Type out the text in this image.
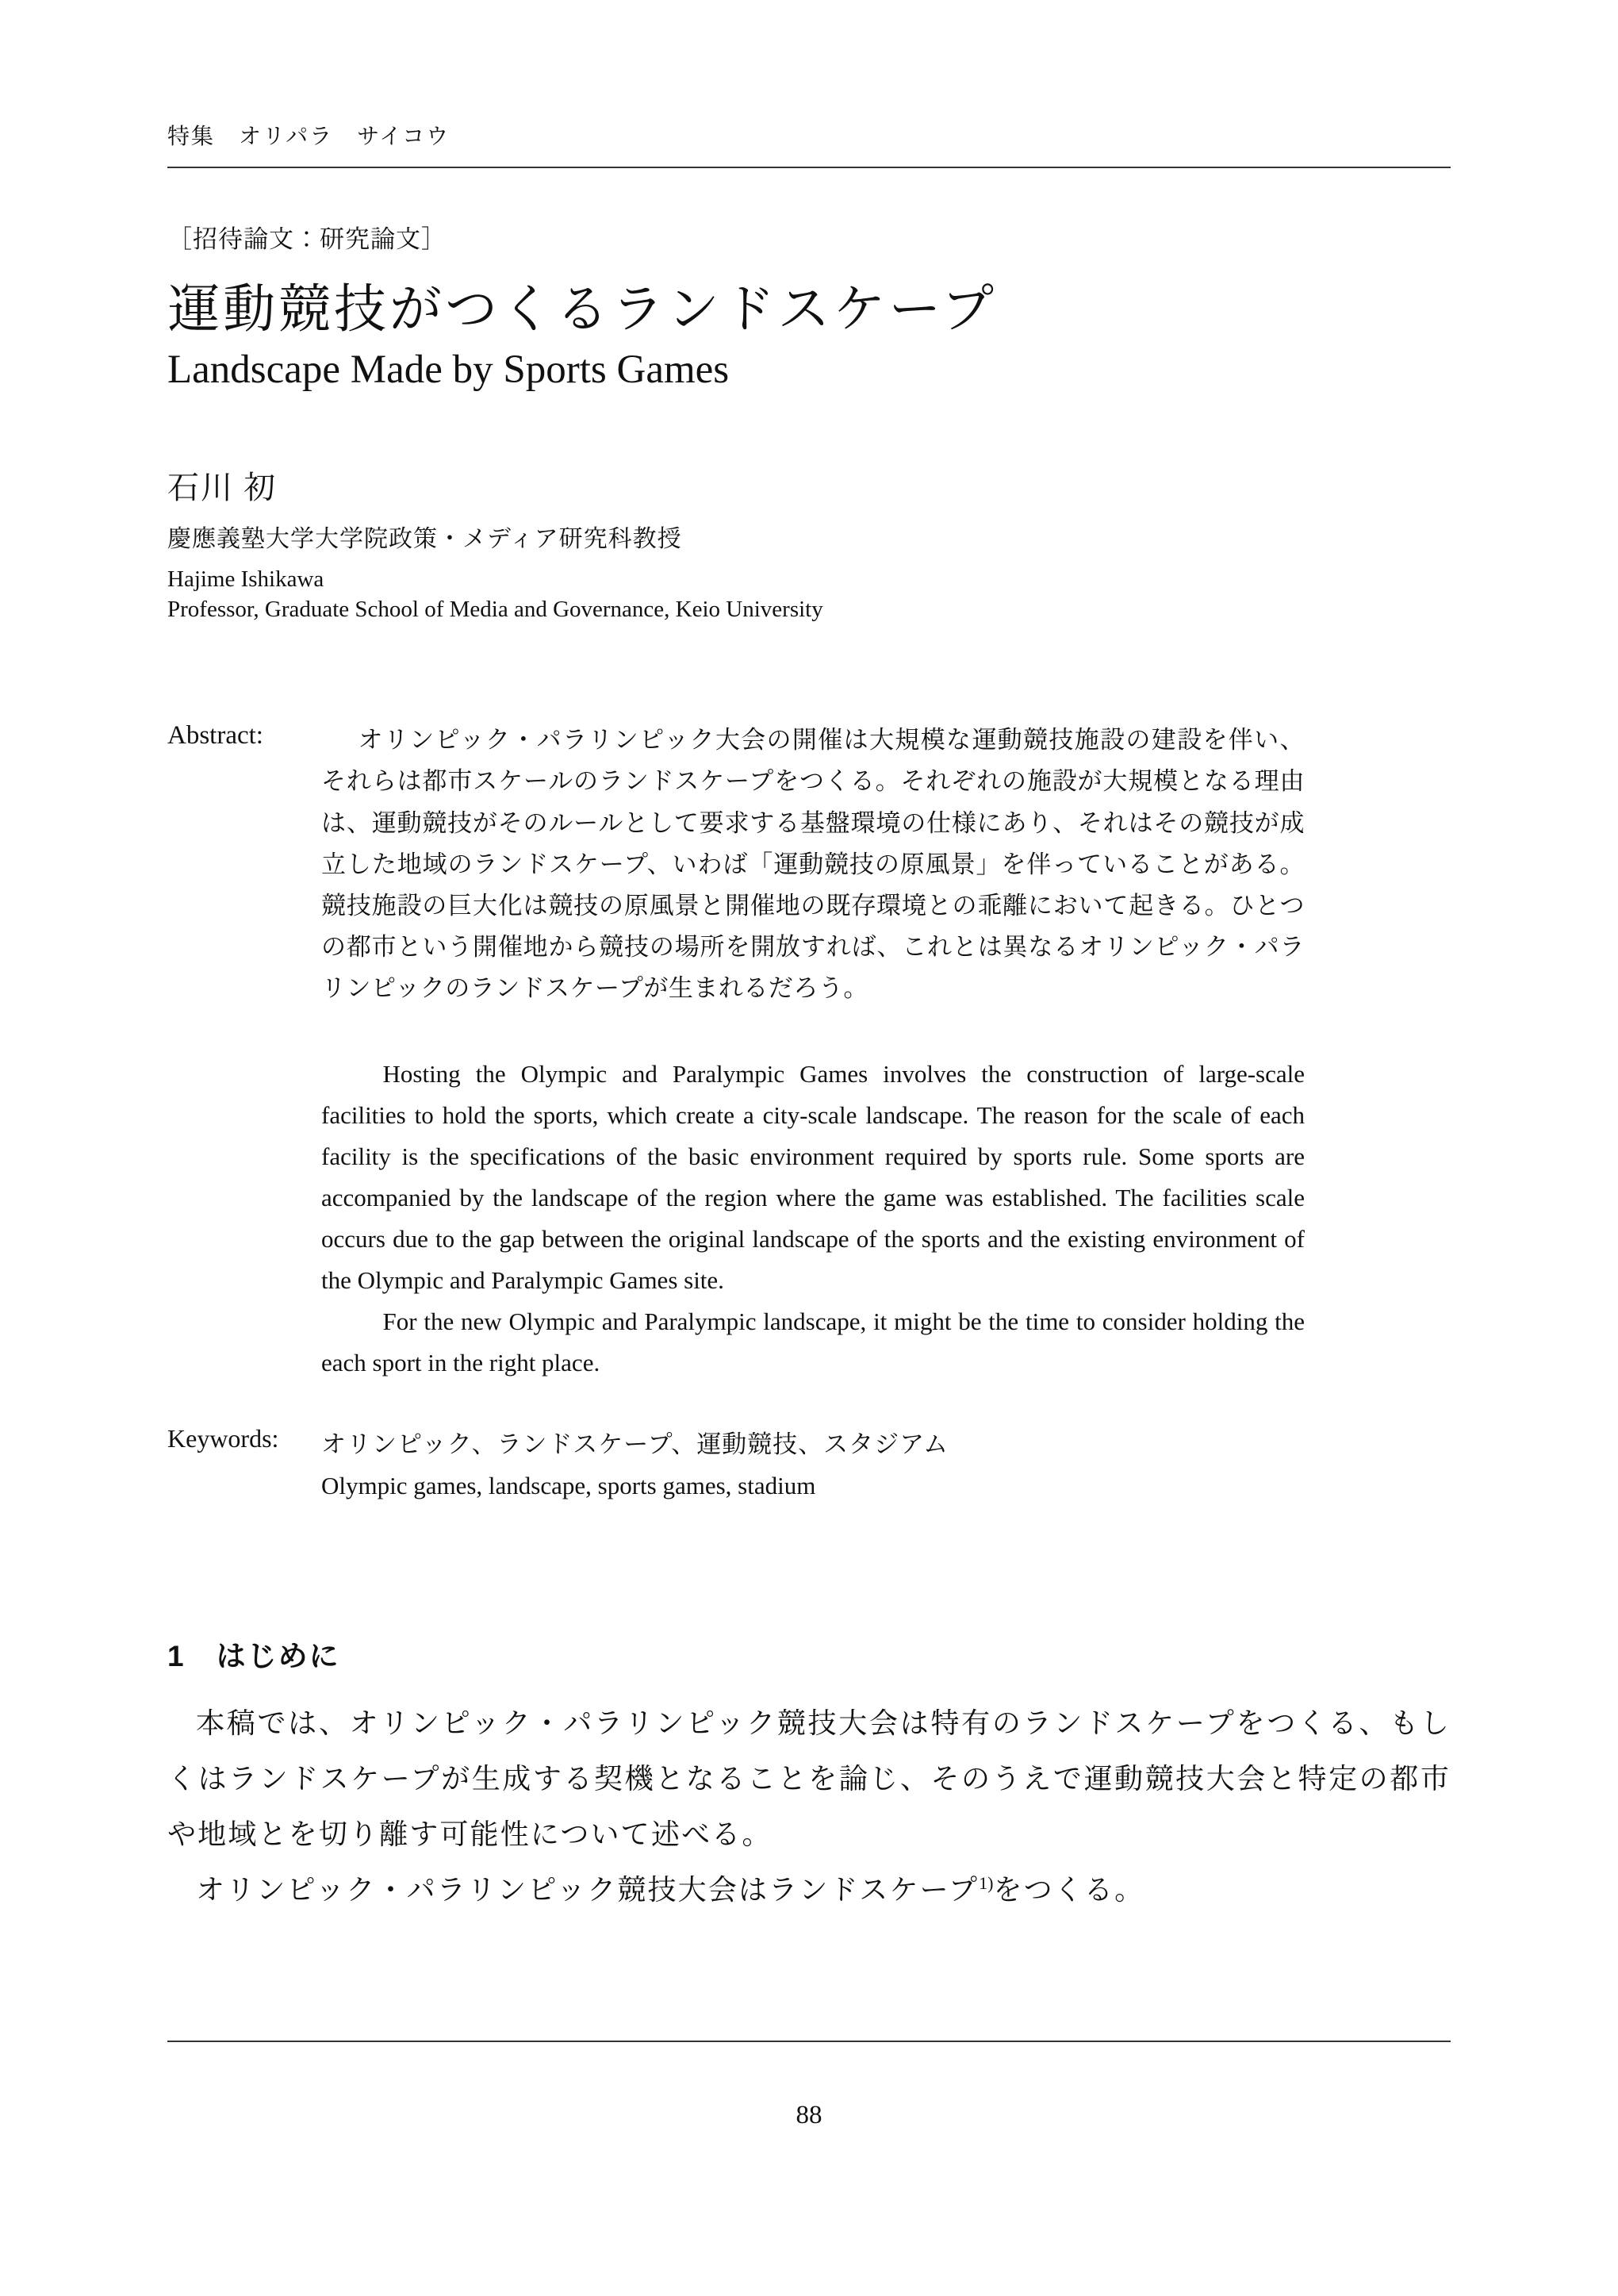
特集　オリパラ　サイコウ
［招待論文：研究論文］
運動競技がつくるランドスケープ
Landscape Made by Sports Games
石川 初
慶應義塾大学大学院政策・メディア研究科教授
Hajime Ishikawa
Professor, Graduate School of Media and Governance, Keio University
Abstract:	オリンピック・パラリンピック大会の開催は大規模な運動競技施設の建設を伴い、それらは都市スケールのランドスケープをつくる。それぞれの施設が大規模となる理由は、運動競技がそのルールとして要求する基盤環境の仕様にあり、それはその競技が成立した地域のランドスケープ、いわば「運動競技の原風景」を伴っていることがある。競技施設の巨大化は競技の原風景と開催地の既存環境との乖離において起きる。ひとつの都市という開催地から競技の場所を開放すれば、これとは異なるオリンピック・パラリンピックのランドスケープが生まれるだろう。

Hosting the Olympic and Paralympic Games involves the construction of large-scale facilities to hold the sports, which create a city-scale landscape. The reason for the scale of each facility is the specifications of the basic environment required by sports rule. Some sports are accompanied by the landscape of the region where the game was established. The facilities scale occurs due to the gap between the original landscape of the sports and the existing environment of the Olympic and Paralympic Games site.

For the new Olympic and Paralympic landscape, it might be the time to consider holding the each sport in the right place.

Keywords:	オリンピック、ランドスケープ、運動競技、スタジアム
Olympic games, landscape, sports games, stadium
1　はじめに

本稿では、オリンピック・パラリンピック競技大会は特有のランドスケープをつくる、もしくはランドスケープが生成する契機となることを論じ、そのうえで運動競技大会と特定の都市や地域とを切り離す可能性について述べる。

オリンピック・パラリンピック競技大会はランドスケープ$^{1)}$をつくる。

88
